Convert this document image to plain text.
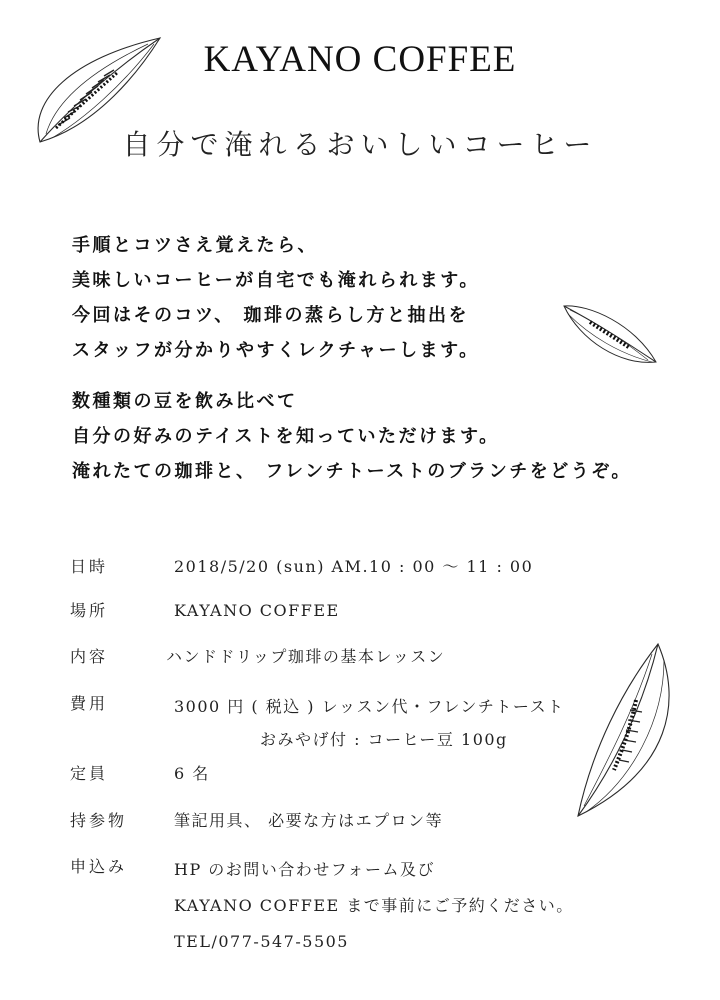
KAYANO COFFEE
自分で淹れるおいしいコーヒー

手順とコツさえ覚えたら、
美味しいコーヒーが自宅でも淹れられます。
今回はそのコツ、 珈琲の蒸らし方と抽出を
スタッフが分かりやすくレクチャーします。

数種類の豆を飲み比べて
自分の好みのテイストを知っていただけます。
淹れたての珈琲と、 フレンチトーストのブランチをどうぞ。

日時	2018/5/20 (sun) AM.10 : 00 〜 11 : 00
場所	KAYANO COFFEE
内容	ハンドドリップ珈琲の基本レッスン
費用	3000 円 ( 税込 ) レッスン代・フレンチトースト
おみやげ付 : コーヒー豆 100g
定員	6 名
持参物	筆記用具、 必要な方はエプロン等
申込み	HP のお問い合わせフォーム及び
KAYANO COFFEE まで事前にご予約ください。
TEL/077-547-5505
